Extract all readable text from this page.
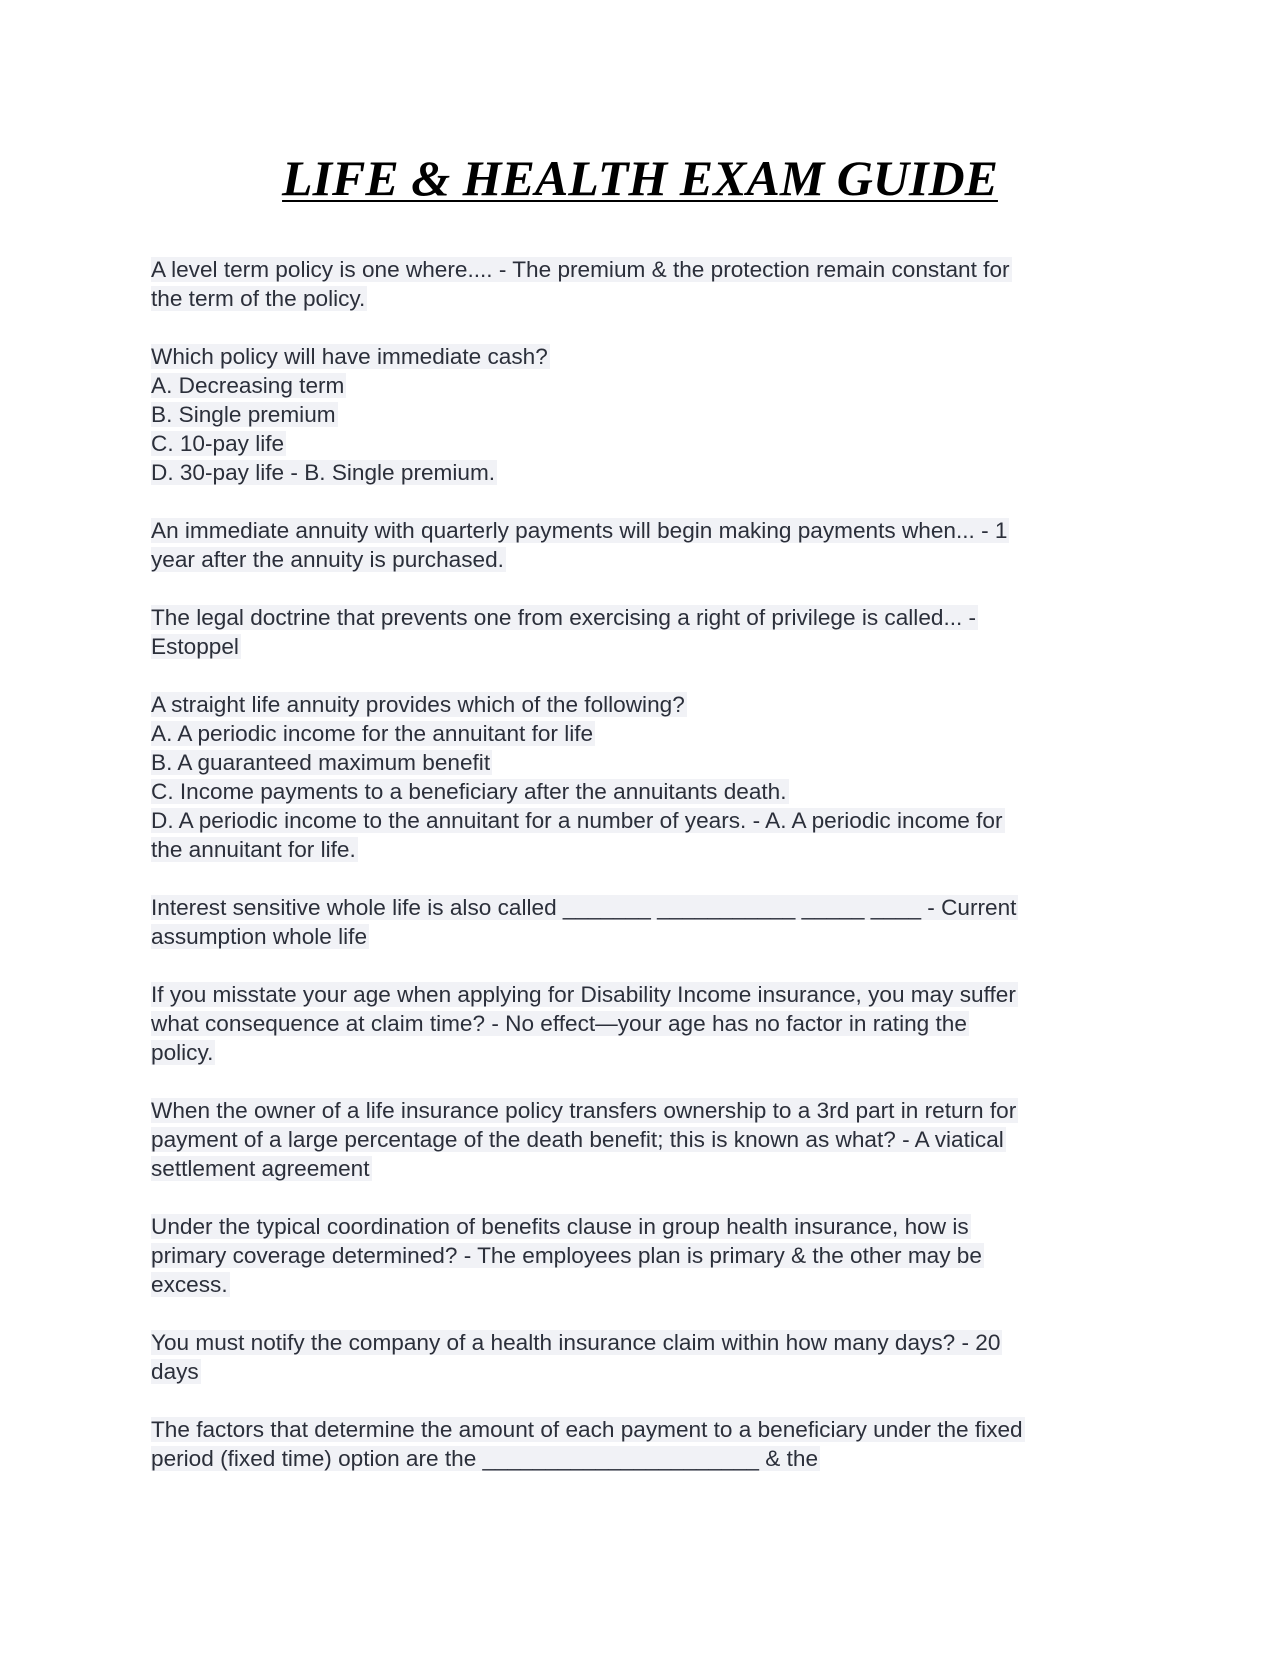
LIFE & HEALTH EXAM GUIDE
A level term policy is one where.... - The premium & the protection remain constant for
the term of the policy.
Which policy will have immediate cash?
A. Decreasing term
B. Single premium
C. 10-pay life
D. 30-pay life - B. Single premium.
An immediate annuity with quarterly payments will begin making payments when... - 1
year after the annuity is purchased.
The legal doctrine that prevents one from exercising a right of privilege is called... -
Estoppel
A straight life annuity provides which of the following?
A. A periodic income for the annuitant for life
B. A guaranteed maximum benefit
C. Income payments to a beneficiary after the annuitants death.
D. A periodic income to the annuitant for a number of years. - A. A periodic income for
the annuitant for life.
Interest sensitive whole life is also called _______ ___________ _____ ____ - Current
assumption whole life
If you misstate your age when applying for Disability Income insurance, you may suffer
what consequence at claim time? - No effect—your age has no factor in rating the
policy.
When the owner of a life insurance policy transfers ownership to a 3rd part in return for
payment of a large percentage of the death benefit; this is known as what? - A viatical
settlement agreement
Under the typical coordination of benefits clause in group health insurance, how is
primary coverage determined? - The employees plan is primary & the other may be
excess.
You must notify the company of a health insurance claim within how many days? - 20
days
The factors that determine the amount of each payment to a beneficiary under the fixed
period (fixed time) option are the ______________________ & the
